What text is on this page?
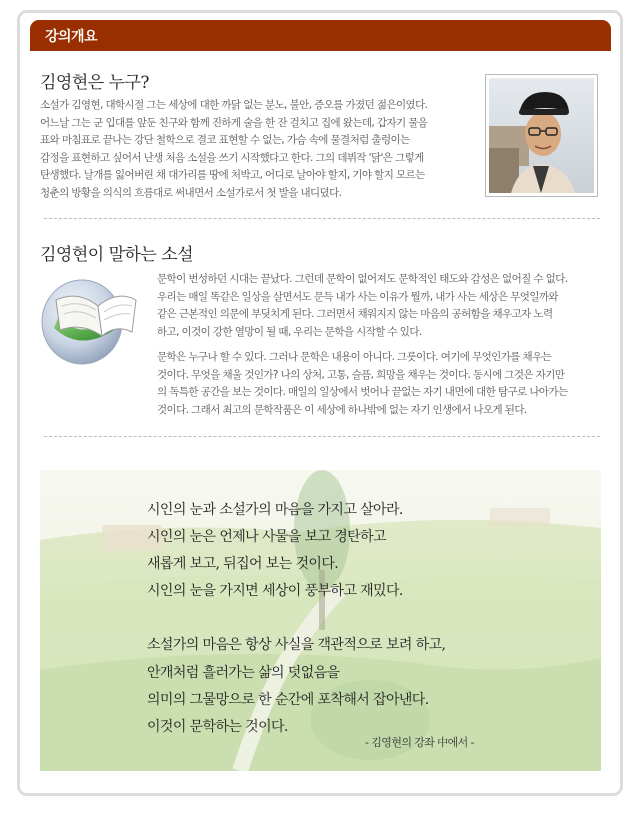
강의개요
김영현은 누구?
소설가 김영현, 대학시절 그는 세상에 대한 까닭 없는 분노, 불안, 증오를 가졌던 젊은이였다.
어느날 그는 군 입대를 앞둔 친구와 함께 진하게 술을 한 잔 걸치고 집에 왔는데, 갑자기 물음
표와 마침표로 끝나는 강단 철학으로 결코 표현할 수 없는, 가슴 속에 물결처럼 출렁이는
감정을 표현하고 싶어서 난생 처음 소설을 쓰기 시작했다고 한다. 그의 데뷔작 '닭'은 그렇게
탄생했다. 날개를 잃어버린 채 대가리를 땅에 처박고, 어디로 날아야 할지, 기야 할지 모르는
청춘의 방황을 의식의 흐름대로 써내면서 소설가로서 첫 발을 내디뎠다.
김영현이 말하는 소설
문학이 번성하던 시대는 끝났다. 그런데 문학이 없어져도 문학적인 태도와 감성은 없어질 수 없다.
우리는 매일 똑같은 일상을 살면서도 문득 내가 사는 이유가 뭘까, 내가 사는 세상은 무엇일까와
같은 근본적인 의문에 부딪치게 된다. 그러면서 채워지지 않는 마음의 공허함을 채우고자 노력
하고, 이것이 강한 열망이 될 때, 우리는 문학을 시작할 수 있다.
문학은 누구나 할 수 있다. 그러나 문학은 내용이 아니다. 그릇이다. 여기에 무엇인가를 채우는
것이다. 무엇을 채울 것인가? 나의 상처, 고통, 슬픔, 희망을 채우는 것이다. 동시에 그것은 자기만
의 독특한 공간을 보는 것이다. 매일의 일상에서 벗어나 끝없는 자기 내면에 대한 탐구로 나아가는
것이다. 그래서 최고의 문학작품은 이 세상에 하나밖에 없는 자기 인생에서 나오게 된다.
시인의 눈과 소설가의 마음을 가지고 살아라.
시인의 눈은 언제나 사물을 보고 경탄하고
새롭게 보고, 뒤집어 보는 것이다.
시인의 눈을 가지면 세상이 풍부하고 재밌다.
소설가의 마음은 항상 사실을 객관적으로 보려 하고,
안개처럼 흘러가는 삶의 덧없음을
의미의 그물망으로 한 순간에 포착해서 잡아낸다.
이것이 문학하는 것이다.
- 김영현의 강좌 中에서 -
